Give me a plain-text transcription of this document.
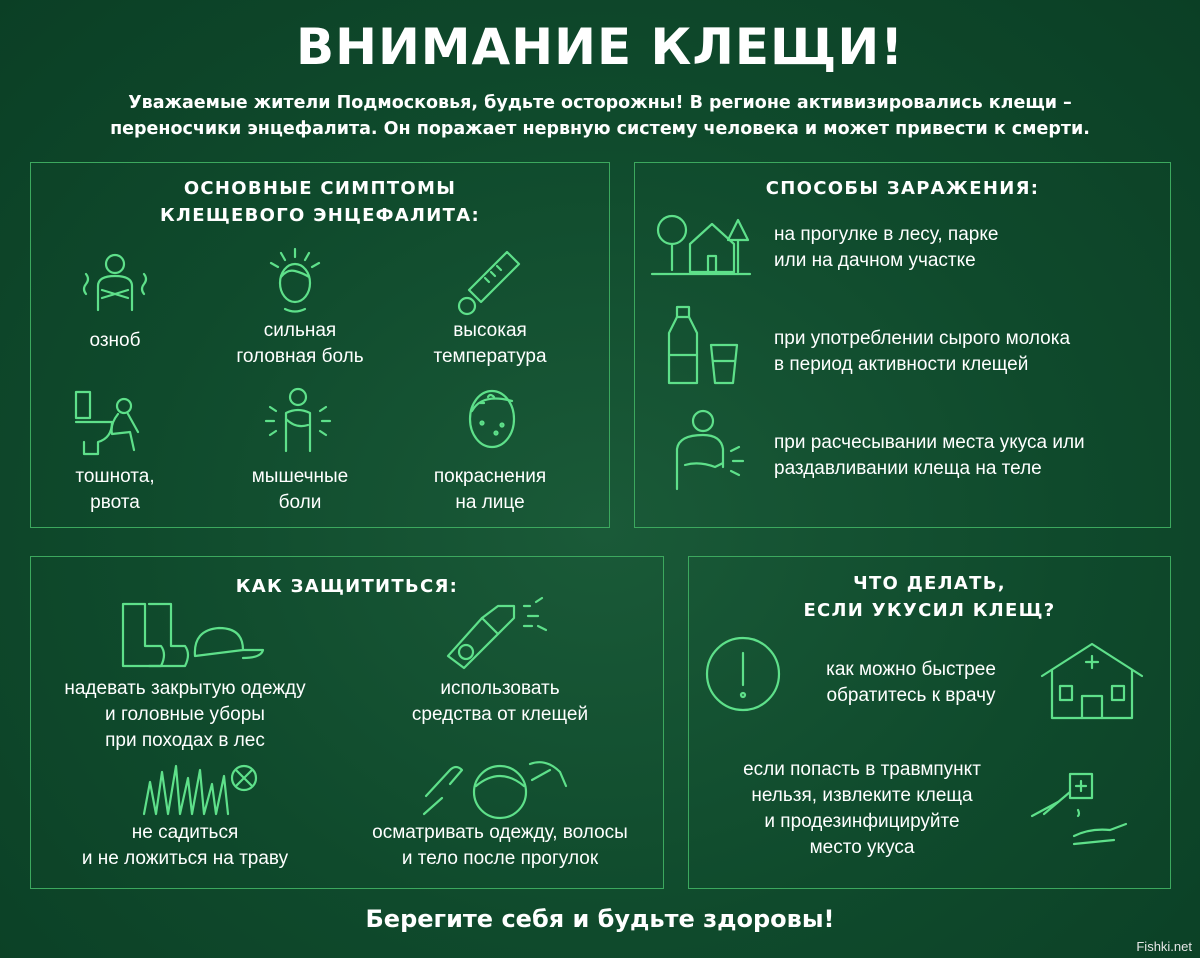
ВНИМАНИЕ КЛЕЩИ!

Уважаемые жители Подмосковья, будьте осторожны! В регионе активизировались клещи –
переносчики энцефалита. Он поражает нервную систему человека и может привести к смерти.

ОСНОВНЫЕ СИМПТОМЫ
КЛЕЩЕВОГО ЭНЦЕФАЛИТА:
озноб	сильная
головная боль
высокая
температура
тошнота,
рвота
мышечные
боли
покраснения
на лице
СПОСОБЫ ЗАРАЖЕНИЯ:
на прогулке в лесу, парке
или на дачном участке
при употреблении сырого молока
в период активности клещей
при расчесывании места укуса или
раздавливании клеща на теле
КАК ЗАЩИТИТЬСЯ:
надевать закрытую одежду
и головные уборы
при походах в лес
использовать
средства от клещей
не садиться
и не ложиться на траву
осматривать одежду, волосы
и тело после прогулок
ЧТО ДЕЛАТЬ,
ЕСЛИ УКУСИЛ КЛЕЩ?
как можно быстрее
обратитесь к врачу
если попасть в травмпункт
нельзя, извлеките клеща
и продезинфицируйте
место укуса

Берегите себя и будьте здоровы!

Fishki.net
